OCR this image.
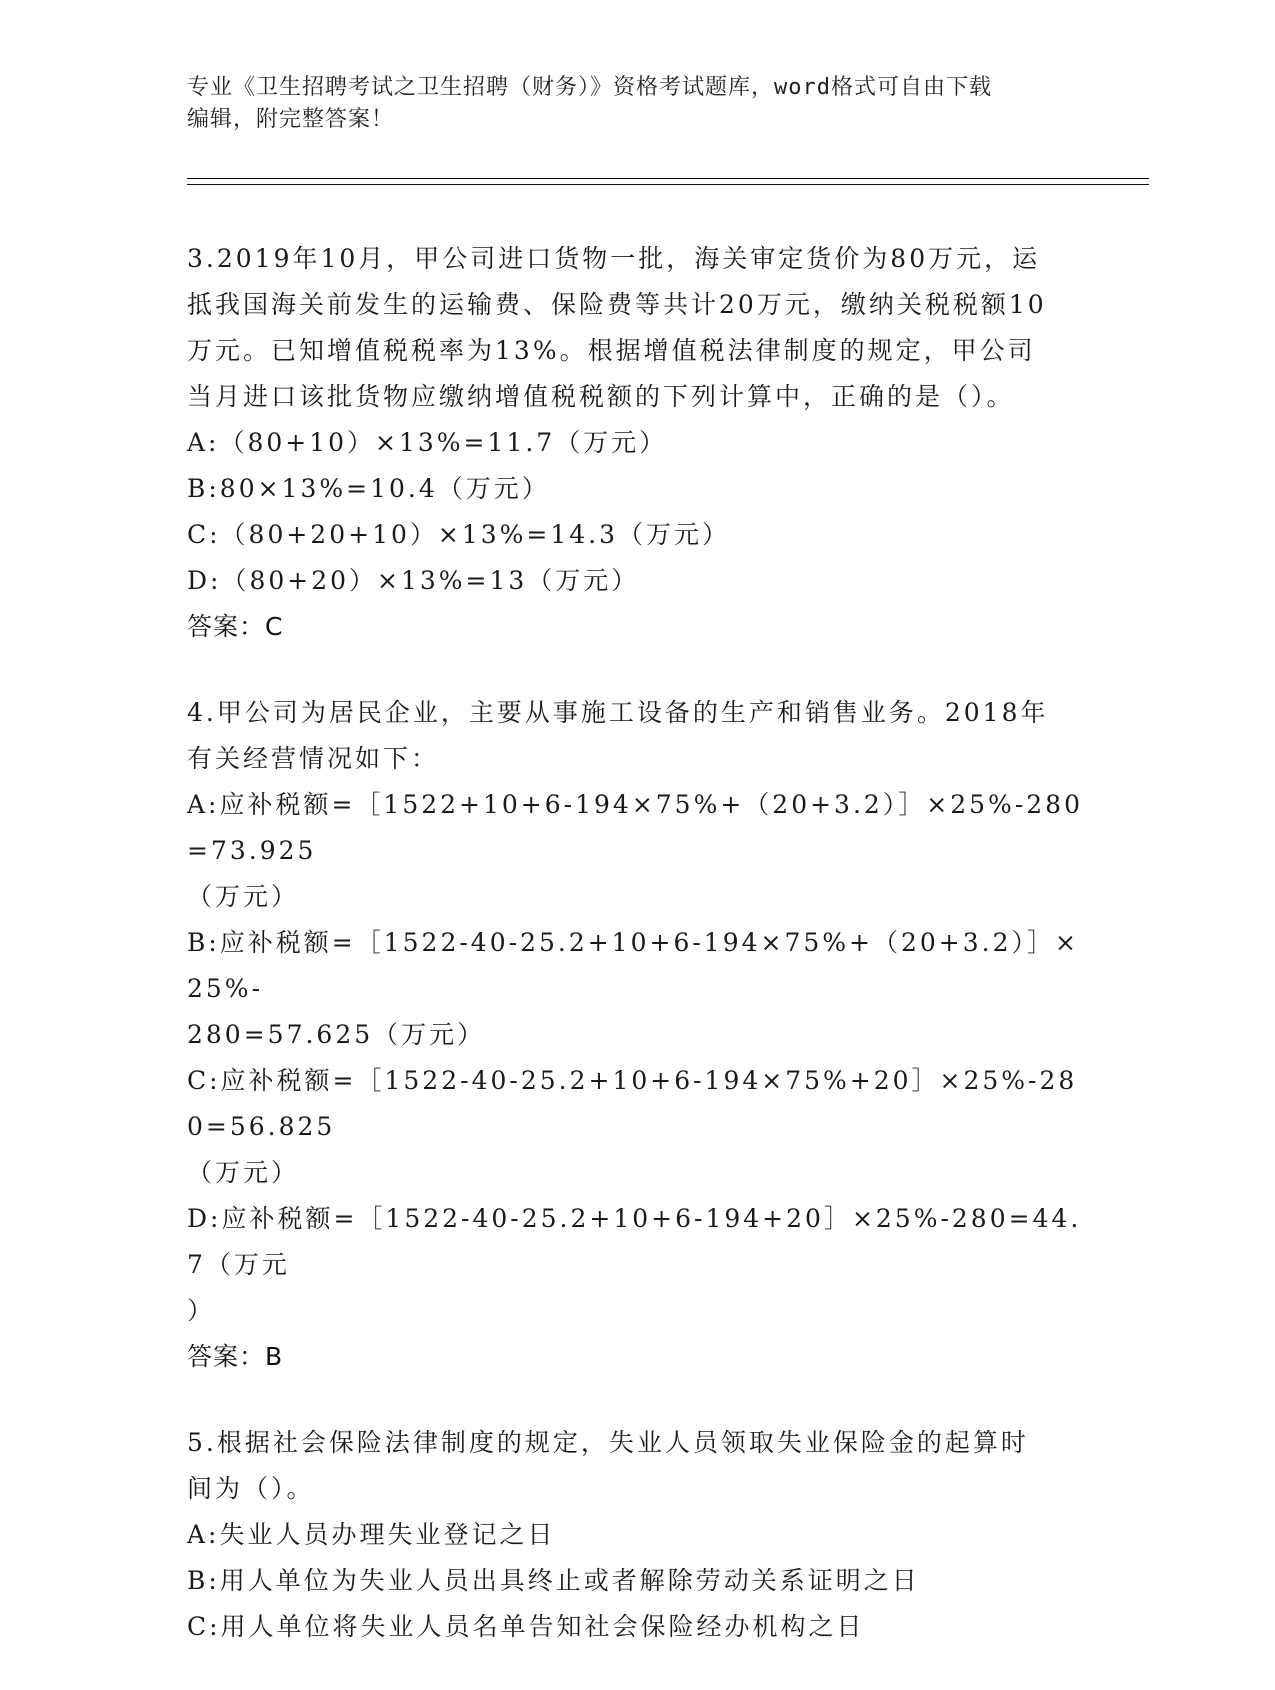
专业《卫生招聘考试之卫生招聘（财务）》资格考试题库，word格式可自由下载
编辑，附完整答案！
3.2019年10月，甲公司进口货物一批，海关审定货价为80万元，运
抵我国海关前发生的运输费、保险费等共计20万元，缴纳关税税额10
万元。已知增值税税率为13%。根据增值税法律制度的规定，甲公司
当月进口该批货物应缴纳增值税税额的下列计算中，正确的是（）。
A:（80+10）×13%=11.7（万元）
B:80×13%=10.4（万元）
C:（80+20+10）×13%=14.3（万元）
D:（80+20）×13%=13（万元）
答案：C
4.甲公司为居民企业，主要从事施工设备的生产和销售业务。2018年
有关经营情况如下：
A:应补税额=［1522+10+6-194×75%+（20+3.2）］×25%-280=73.925
（万元）
B:应补税额=［1522-40-25.2+10+6-194×75%+（20+3.2）］×25%-
280=57.625（万元）
C:应补税额=［1522-40-25.2+10+6-194×75%+20］×25%-280=56.825
（万元）
D:应补税额=［1522-40-25.2+10+6-194+20］×25%-280=44.7（万元
）
答案：B
5.根据社会保险法律制度的规定，失业人员领取失业保险金的起算时
间为（）。
A:失业人员办理失业登记之日
B:用人单位为失业人员出具终止或者解除劳动关系证明之日
C:用人单位将失业人员名单告知社会保险经办机构之日
